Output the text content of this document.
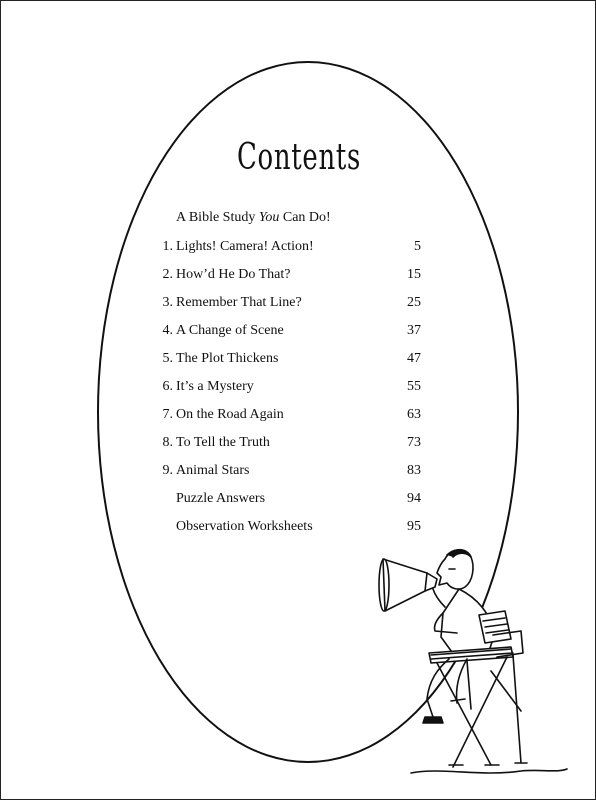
Contents
A Bible Study You Can Do!
1. Lights! Camera! Action!	5
2. How’d He Do That?	15
3. Remember That Line?	25
4. A Change of Scene	37
5. The Plot Thickens	47
6. It’s a Mystery	55
7. On the Road Again	63
8. To Tell the Truth	73
9. Animal Stars	83
Puzzle Answers	94
Observation Worksheets	95
